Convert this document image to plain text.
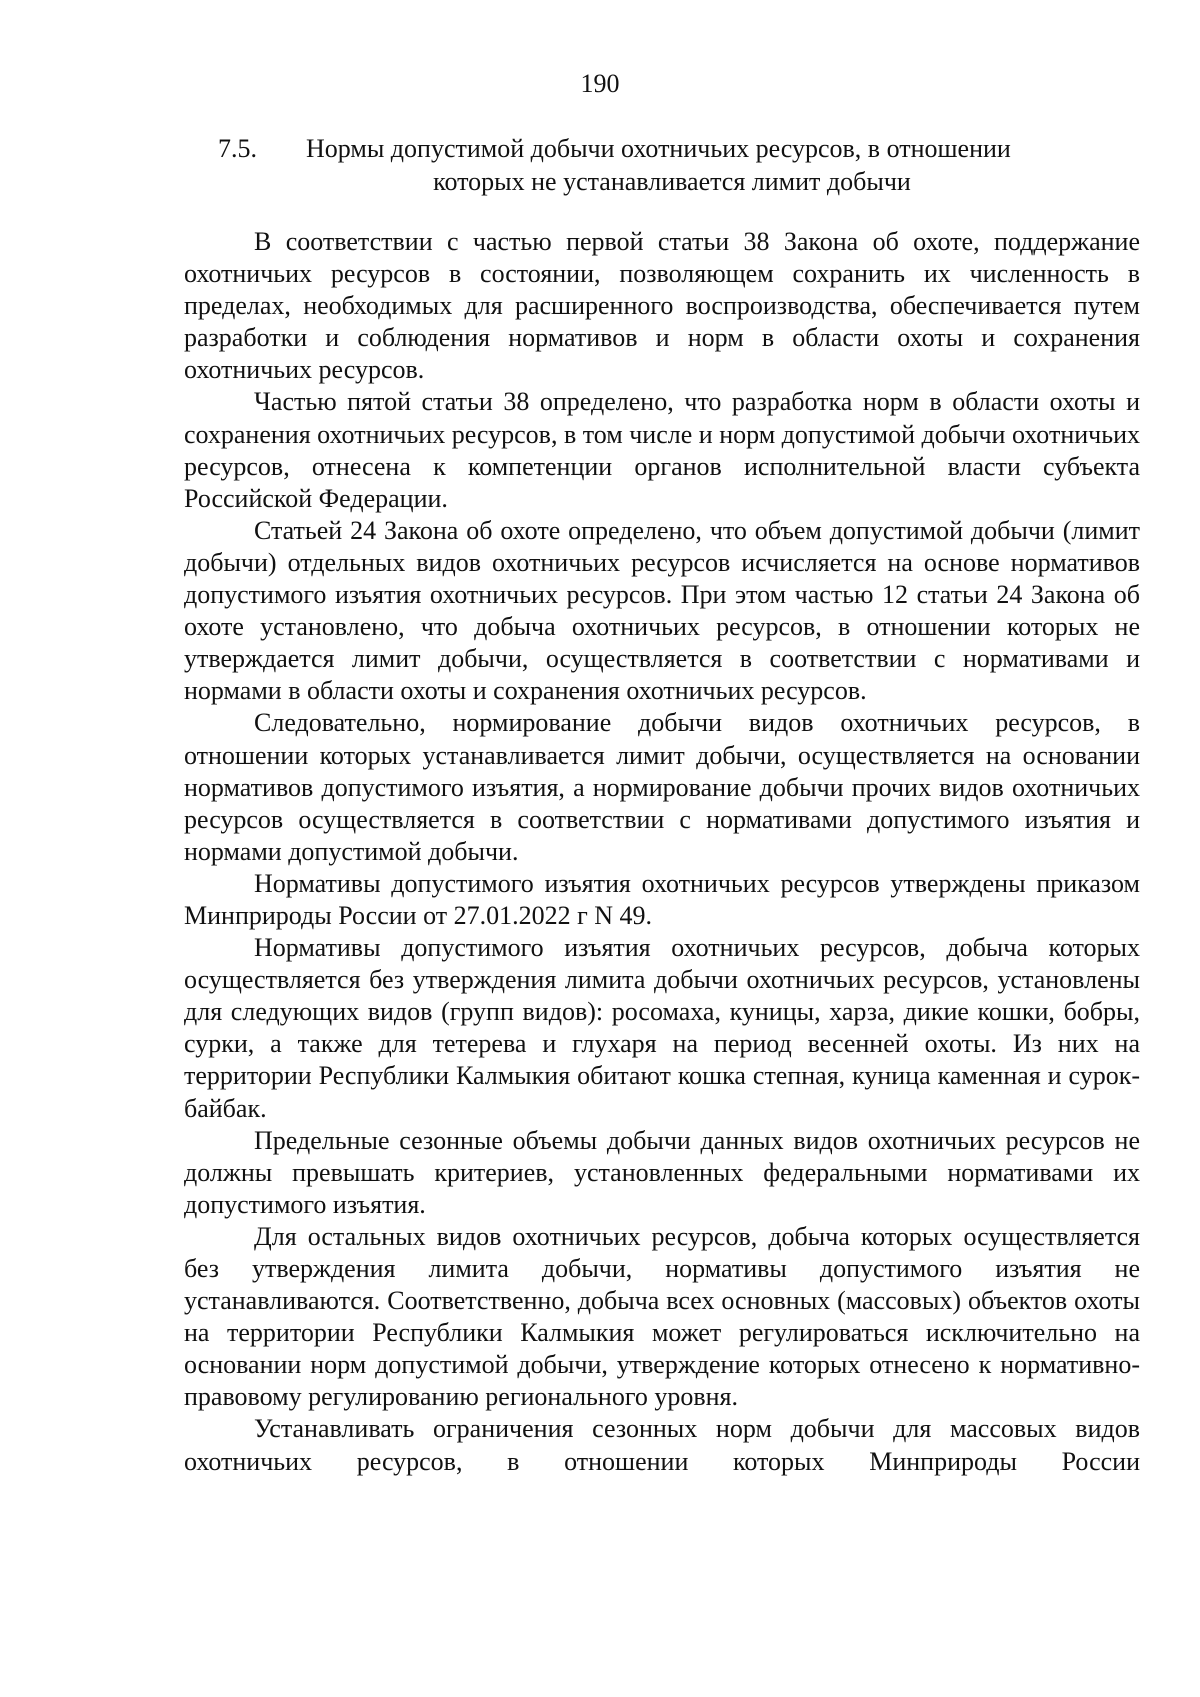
190
7.5.	Нормы допустимой добычи охотничьих ресурсов, в отношении
которых не устанавливается лимит добычи

В соответствии с частью первой статьи 38 Закона об охоте, поддержание охотничьих ресурсов в состоянии, позволяющем сохранить их численность в пределах, необходимых для расширенного воспроизводства, обеспечивается путем разработки и соблюдения нормативов и норм в области охоты и сохранения охотничьих ресурсов.

Частью пятой статьи 38 определено, что разработка норм в области охоты и сохранения охотничьих ресурсов, в том числе и норм допустимой добычи охотничьих ресурсов, отнесена к компетенции органов исполнительной власти субъекта Российской Федерации.

Статьей 24 Закона об охоте определено, что объем допустимой добычи (лимит добычи) отдельных видов охотничьих ресурсов исчисляется на основе нормативов допустимого изъятия охотничьих ресурсов. При этом частью 12 статьи 24 Закона об охоте установлено, что добыча охотничьих ресурсов, в отношении которых не утверждается лимит добычи, осуществляется в соответствии с нормативами и нормами в области охоты и сохранения охотничьих ресурсов.

Следовательно, нормирование добычи видов охотничьих ресурсов, в отношении которых устанавливается лимит добычи, осуществляется на основании нормативов допустимого изъятия, а нормирование добычи прочих видов охотничьих ресурсов осуществляется в соответствии с нормативами допустимого изъятия и нормами допустимой добычи.

Нормативы допустимого изъятия охотничьих ресурсов утверждены приказом Минприроды России от 27.01.2022 г N 49.

Нормативы допустимого изъятия охотничьих ресурсов, добыча которых осуществляется без утверждения лимита добычи охотничьих ресурсов, установлены для следующих видов (групп видов): росомаха, куницы, харза, дикие кошки, бобры, сурки, а также для тетерева и глухаря на период весенней охоты. Из них на территории Республики Калмыкия обитают кошка степная, куница каменная и сурок-байбак.

Предельные сезонные объемы добычи данных видов охотничьих ресурсов не должны превышать критериев, установленных федеральными нормативами их допустимого изъятия.

Для остальных видов охотничьих ресурсов, добыча которых осуществляется без утверждения лимита добычи, нормативы допустимого изъятия не устанавливаются. Соответственно, добыча всех основных (массовых) объектов охоты на территории Республики Калмыкия может регулироваться исключительно на основании норм допустимой добычи, утверждение которых отнесено к нормативно-правовому регулированию регионального уровня.

Устанавливать ограничения сезонных норм добычи для массовых видов охотничьих ресурсов, в отношении которых Минприроды России
